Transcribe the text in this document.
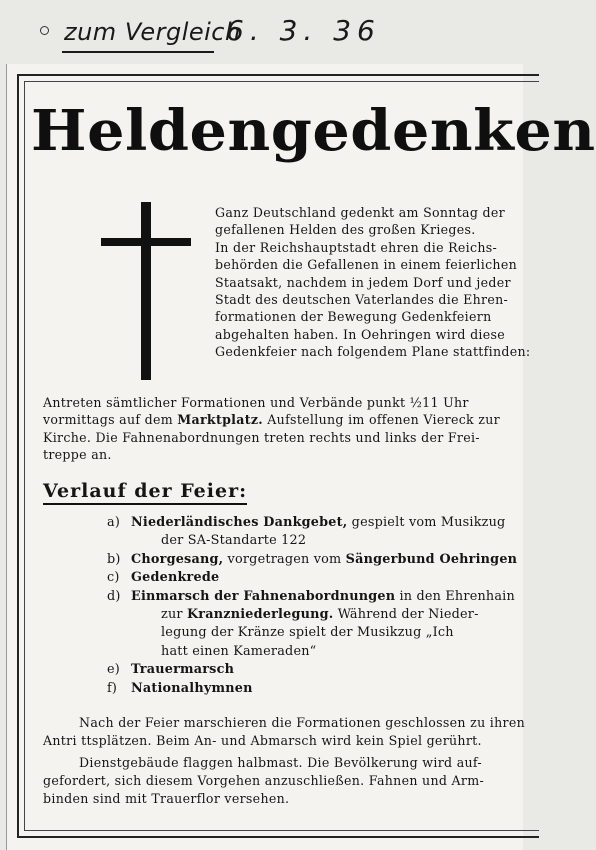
zum Vergleich
6. 3. 36
Heldengedenken
Ganz Deutschland gedenkt am Sonntag der
gefallenen Helden des großen Krieges.
In der Reichshauptstadt ehren die Reichs-
behörden die Gefallenen in einem feierlichen
Staatsakt, nachdem in jedem Dorf und jeder
Stadt des deutschen Vaterlandes die Ehren-
formationen der Bewegung Gedenkfeiern
abgehalten haben. In Oehringen wird diese
Gedenkfeier nach folgendem Plane stattfinden:
Antreten sämtlicher Formationen und Verbände punkt ½11 Uhr
vormittags auf dem Marktplatz. Aufstellung im offenen Viereck zur
Kirche. Die Fahnenabordnungen treten rechts und links der Frei-
treppe an.
Verlauf der Feier:
a) Niederländisches Dankgebet, gespielt vom Musikzug
der SA-Standarte 122
b) Chorgesang, vorgetragen vom Sängerbund Oehringen
c) Gedenkrede
d) Einmarsch der Fahnenabordnungen in den Ehrenhain
zur Kranzniederlegung. Während der Nieder-
legung der Kränze spielt der Musikzug „Ich
hatt einen Kameraden“
e) Trauermarsch
f) Nationalhymnen

Nach der Feier marschieren die Formationen geschlossen zu ihren
Antri ttsplätzen. Beim An- und Abmarsch wird kein Spiel gerührt.

Dienstgebäude flaggen halbmast. Die Bevölkerung wird auf-
gefordert, sich diesem Vorgehen anzuschließen. Fahnen und Arm-
binden sind mit Trauerflor versehen.
